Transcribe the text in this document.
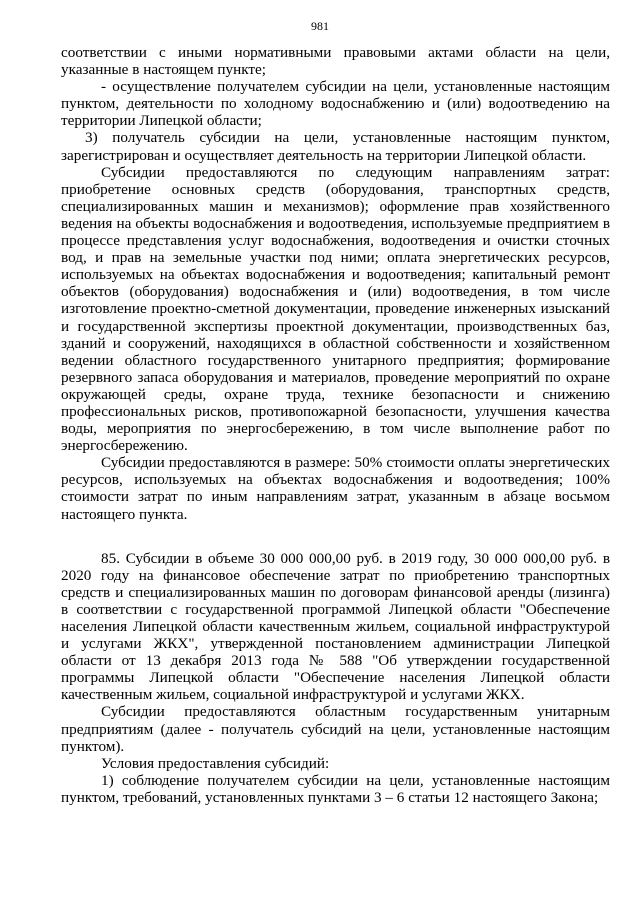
981

соответствии с иными нормативными правовыми актами области на цели, указанные в настоящем пункте;

- осуществление получателем субсидии на цели, установленные настоящим пунктом, деятельности по холодному водоснабжению и (или) водоотведению на территории Липецкой области;

3) получатель субсидии на цели, установленные настоящим пунктом, зарегистрирован и осуществляет деятельность на территории Липецкой области.

Субсидии предоставляются по следующим направлениям затрат: приобретение основных средств (оборудования, транспортных средств, специализированных машин и механизмов); оформление прав хозяйственного ведения на объекты водоснабжения и водоотведения, используемые предприятием в процессе представления услуг водоснабжения, водоотведения и очистки сточных вод, и прав на земельные участки под ними; оплата энергетических ресурсов, используемых на объектах водоснабжения и водоотведения; капитальный ремонт объектов (оборудования) водоснабжения и (или) водоотведения, в том числе изготовление проектно-сметной документации, проведение инженерных изысканий и государственной экспертизы проектной документации, производственных баз, зданий и сооружений, находящихся в областной собственности и хозяйственном ведении областного государственного унитарного предприятия; формирование резервного запаса оборудования и материалов, проведение мероприятий по охране окружающей среды, охране труда, технике безопасности и снижению профессиональных рисков, противопожарной безопасности, улучшения качества воды, мероприятия по энергосбережению, в том числе выполнение работ по энергосбережению.

Субсидии предоставляются в размере: 50% стоимости оплаты энергетических ресурсов, используемых на объектах водоснабжения и водоотведения; 100% стоимости затрат по иным направлениям затрат, указанным в абзаце восьмом настоящего пункта.

85. Субсидии в объеме 30 000 000,00 руб. в 2019 году, 30 000 000,00 руб. в 2020 году на финансовое обеспечение затрат по приобретению транспортных средств и специализированных машин по договорам финансовой аренды (лизинга) в соответствии с государственной программой Липецкой области "Обеспечение населения Липецкой области качественным жильем, социальной инфраструктурой и услугами ЖКХ", утвержденной постановлением администрации Липецкой области от 13 декабря 2013 года № 588 "Об утверждении государственной программы Липецкой области "Обеспечение населения Липецкой области качественным жильем, социальной инфраструктурой и услугами ЖКХ.

Субсидии предоставляются областным государственным унитарным предприятиям (далее - получатель субсидий на цели, установленные настоящим пунктом).

Условия предоставления субсидий:

1) соблюдение получателем субсидии на цели, установленные настоящим пунктом, требований, установленных пунктами 3 – 6 статьи 12 настоящего Закона;
